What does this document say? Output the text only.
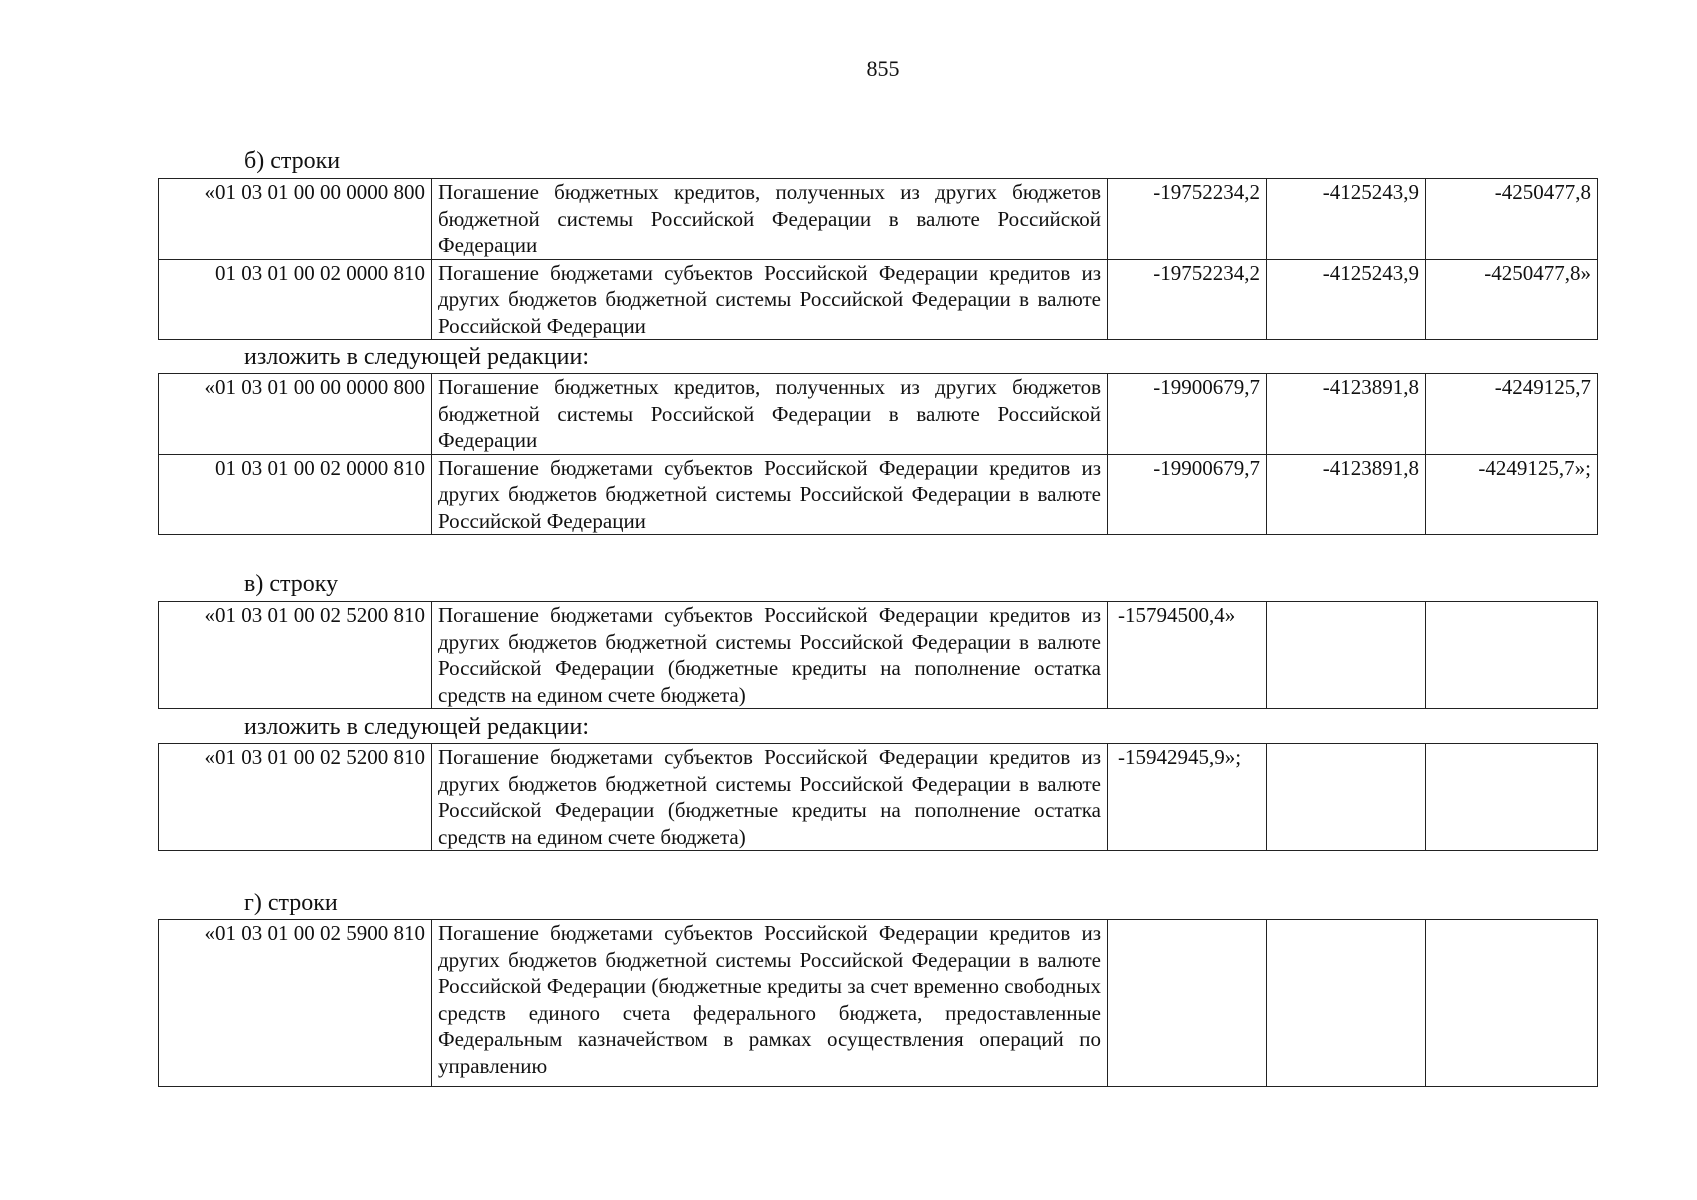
855
б) строки
«01 03 01 00 00 0000 800	Погашение бюджетных кредитов, полученных из других бюджетов бюджетной системы Российской Федерации в валюте Российской Федерации	-19752234,2	-4125243,9	-4250477,8
01 03 01 00 02 0000 810	Погашение бюджетами субъектов Российской Федерации кредитов из других бюджетов бюджетной системы Российской Федерации в валюте Российской Федерации	-19752234,2	-4125243,9	-4250477,8»
изложить в следующей редакции:
«01 03 01 00 00 0000 800	Погашение бюджетных кредитов, полученных из других бюджетов бюджетной системы Российской Федерации в валюте Российской Федерации	-19900679,7	-4123891,8	-4249125,7
01 03 01 00 02 0000 810	Погашение бюджетами субъектов Российской Федерации кредитов из других бюджетов бюджетной системы Российской Федерации в валюте Российской Федерации	-19900679,7	-4123891,8	-4249125,7»;
в) строку
«01 03 01 00 02 5200 810	Погашение бюджетами субъектов Российской Федерации кредитов из других бюджетов бюджетной системы Российской Федерации в валюте Российской Федерации (бюджетные кредиты на пополнение остатка средств на едином счете бюджета)	-15794500,4»		
изложить в следующей редакции:
«01 03 01 00 02 5200 810	Погашение бюджетами субъектов Российской Федерации кредитов из других бюджетов бюджетной системы Российской Федерации в валюте Российской Федерации (бюджетные кредиты на пополнение остатка средств на едином счете бюджета)	-15942945,9»;		
г) строки
«01 03 01 00 02 5900 810	Погашение бюджетами субъектов Российской Федерации кредитов из других бюджетов бюджетной системы Российской Федерации в валюте Российской Федерации (бюджетные кредиты за счет временно свободных средств единого счета федерального бюджета, предоставленные Федеральным казначейством в рамках осуществления операций по управлению			
